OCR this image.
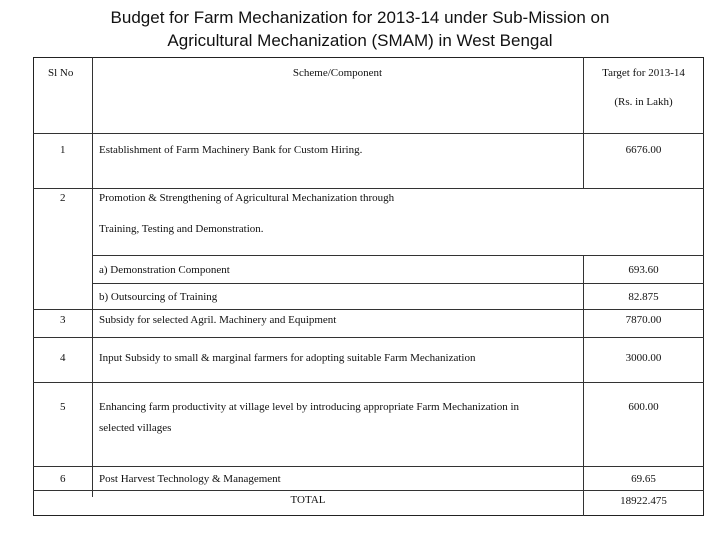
Budget for Farm Mechanization for 2013-14 under Sub-Mission on
Agricultural Mechanization (SMAM) in West Bengal
Sl No	Scheme/Component	Target for 2013-14
(Rs. in Lakh)
1	Establishment of Farm Machinery Bank for Custom Hiring.	6676.00
2	Promotion & Strengthening of Agricultural Mechanization through
Training, Testing and Demonstration.
a) Demonstration Component	693.60
b) Outsourcing of Training	82.875
3	Subsidy for selected Agril. Machinery and Equipment	7870.00
4	Input Subsidy to small & marginal farmers for adopting suitable Farm Mechanization	3000.00
5	Enhancing farm productivity at village level by introducing appropriate Farm Mechanization in
selected villages
600.00
6	Post Harvest Technology & Management	69.65
TOTAL	18922.475
